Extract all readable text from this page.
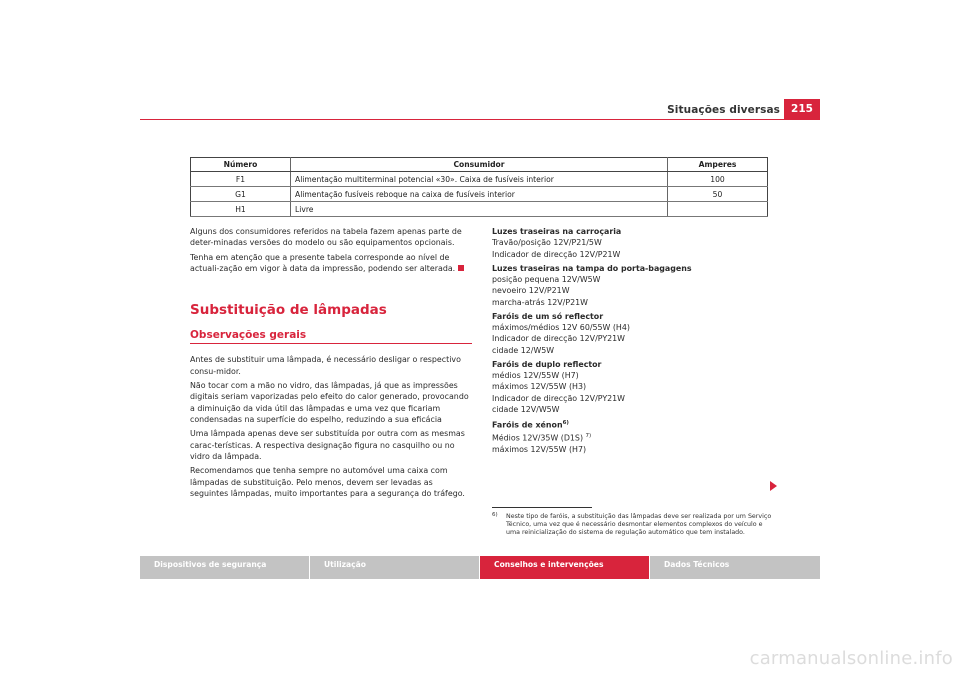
Situações diversas	215
Número	Consumidor	Amperes
F1	Alimentação multiterminal potencial «30». Caixa de fusíveis interior	100
G1	Alimentação fusíveis reboque na caixa de fusíveis interior	50
H1	Livre	

Alguns dos consumidores referidos na tabela fazem apenas parte de deter-minadas versões do modelo ou são equipamentos opcionais.

Tenha em atenção que a presente tabela corresponde ao nível de actuali-zação em vigor à data da impressão, podendo ser alterada.

Substituição de lâmpadas
Observações gerais

Antes de substituir uma lâmpada, é necessário desligar o respectivo consu-midor.

Não tocar com a mão no vidro, das lâmpadas, já que as impressões digitais seriam vaporizadas pelo efeito do calor generado, provocando a diminuição da vida útil das lâmpadas e uma vez que ficariam condensadas na superfície do espelho, reduzindo a sua eficácia

Uma lâmpada apenas deve ser substituída por outra com as mesmas carac-terísticas. A respectiva designação figura no casquilho ou no vidro da lâmpada.

Recomendamos que tenha sempre no automóvel uma caixa com lâmpadas de substituição. Pelo menos, devem ser levadas as seguintes lâmpadas, muito importantes para a segurança do tráfego.

Luzes traseiras na carroçaria
Travão/posição 12V/P21/5W
Indicador de direcção 12V/P21W
Luzes traseiras na tampa do porta-bagagens
posição pequena 12V/W5W
nevoeiro 12V/P21W
marcha-atrás 12V/P21W
Faróis de um só reflector
máximos/médios 12V 60/55W (H4)
Indicador de direcção 12V/PY21W
cidade 12/W5W
Faróis de duplo reflector
médios 12V/55W (H7)
máximos 12V/55W (H3)
Indicador de direcção 12V/PY21W
cidade 12V/W5W
Faróis de xénon$^{6)}$
Médios 12V/35W (D1S) $^{7)}$
máximos 12V/55W (H7)
6)	Neste tipo de faróis, a substituição das lâmpadas deve ser realizada por um Serviço Técnico, uma vez que é necessário desmontar elementos complexos do veículo e uma reinicialização do sistema de regulação automático que tem instalado.
Dispositivos de segurança	Utilização	Conselhos e intervenções	Dados Técnicos
carmanualsonline.info
